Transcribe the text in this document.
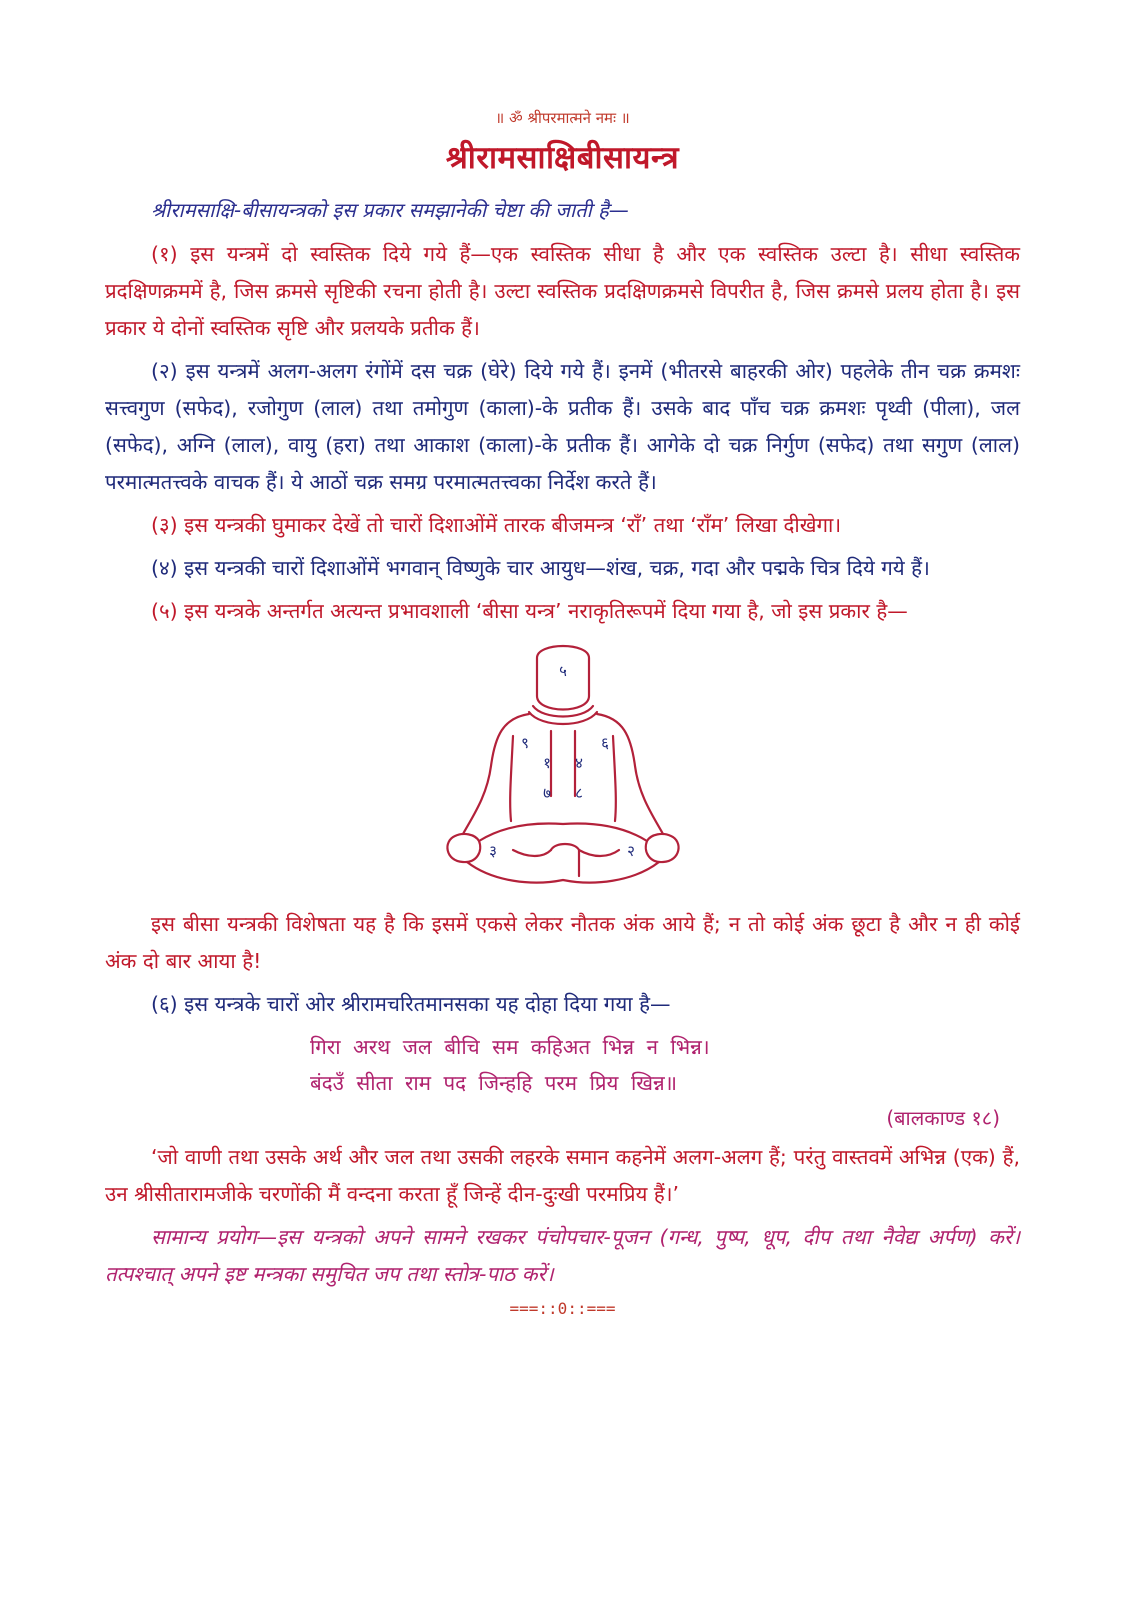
॥ ॐ श्रीपरमात्मने नमः ॥
श्रीरामसाक्षिबीसायन्त्र
श्रीरामसाक्षि-बीसायन्त्रको इस प्रकार समझानेकी चेष्टा की जाती है—

(१) इस यन्त्रमें दो स्वस्तिक दिये गये हैं—एक स्वस्तिक सीधा है और एक स्वस्तिक उल्टा है। सीधा स्वस्तिक प्रदक्षिणक्रममें है, जिस क्रमसे सृष्टिकी रचना होती है। उल्टा स्वस्तिक प्रदक्षिणक्रमसे विपरीत है, जिस क्रमसे प्रलय होता है। इस प्रकार ये दोनों स्वस्तिक सृष्टि और प्रलयके प्रतीक हैं।

(२) इस यन्त्रमें अलग-अलग रंगोंमें दस चक्र (घेरे) दिये गये हैं। इनमें (भीतरसे बाहरकी ओर) पहलेके तीन चक्र क्रमशः सत्त्वगुण (सफेद), रजोगुण (लाल) तथा तमोगुण (काला)-के प्रतीक हैं। उसके बाद पाँच चक्र क्रमशः पृथ्वी (पीला), जल (सफेद), अग्नि (लाल), वायु (हरा) तथा आकाश (काला)-के प्रतीक हैं। आगेके दो चक्र निर्गुण (सफेद) तथा सगुण (लाल) परमात्मतत्त्वके वाचक हैं। ये आठों चक्र समग्र परमात्मतत्त्वका निर्देश करते हैं।

(३) इस यन्त्रकी घुमाकर देखें तो चारों दिशाओंमें तारक बीजमन्त्र ‘राँ’ तथा ‘राँम’ लिखा दीखेगा।

(४) इस यन्त्रकी चारों दिशाओंमें भगवान् विष्णुके चार आयुध—शंख, चक्र, गदा और पद्मके चित्र दिये गये हैं।

(५) इस यन्त्रके अन्तर्गत अत्यन्त प्रभावशाली ‘बीसा यन्त्र’ नराकृतिरूपमें दिया गया है, जो इस प्रकार है—

५
९	६
१ ४
७ ८
३	२

इस बीसा यन्त्रकी विशेषता यह है कि इसमें एकसे लेकर नौतक अंक आये हैं; न तो कोई अंक छूटा है और न ही कोई अंक दो बार आया है!

(६) इस यन्त्रके चारों ओर श्रीरामचरितमानसका यह दोहा दिया गया है—

गिरा अरथ जल बीचि सम कहिअत भिन्न न भिन्न।
बंदउँ सीता राम पद जिन्हहि परम प्रिय खिन्न॥
(बालकाण्ड १८)

‘जो वाणी तथा उसके अर्थ और जल तथा उसकी लहरके समान कहनेमें अलग-अलग हैं; परंतु वास्तवमें अभिन्न (एक) हैं, उन श्रीसीतारामजीके चरणोंकी मैं वन्दना करता हूँ जिन्हें दीन-दुःखी परमप्रिय हैं।’

सामान्य प्रयोग—इस यन्त्रको अपने सामने रखकर पंचोपचार-पूजन (गन्ध, पुष्प, धूप, दीप तथा नैवेद्य अर्पण) करें। तत्पश्चात् अपने इष्ट मन्त्रका समुचित जप तथा स्तोत्र-पाठ करें।

===::0::===
